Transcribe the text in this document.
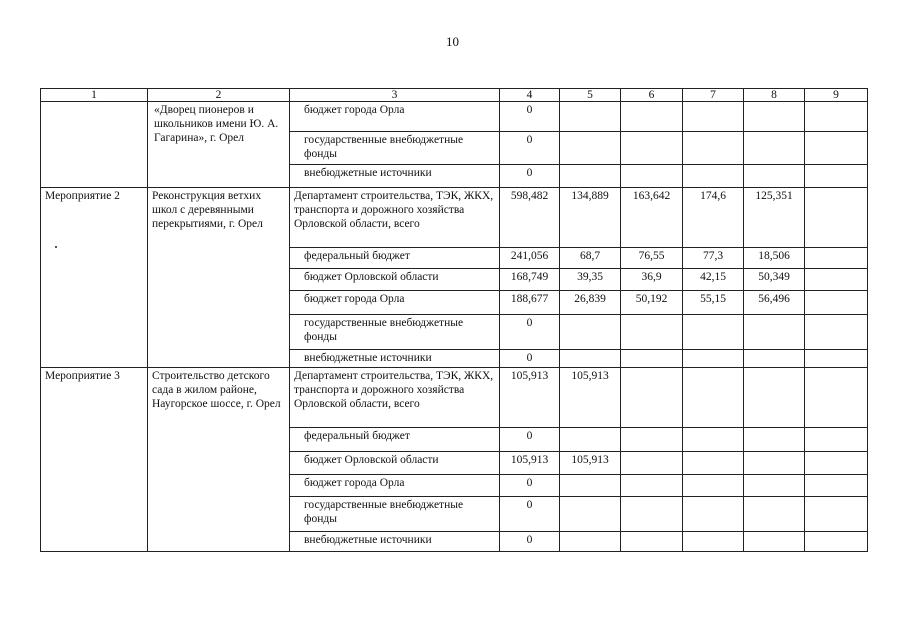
10
1	2	3	4	5	6	7	8	9
	«Дворец пионеров и школьников имени Ю. А. Гагарина», г. Орел	бюджет города Орла	0					
		государственные внебюджетные фонды	0					
		внебюджетные источники	0					
Мероприятие 2	Реконструкция ветхих школ с деревянными перекрытиями, г. Орел	Департамент строительства, ТЭК, ЖКХ, транспорта и дорожного хозяйства Орловской области, всего	598,482	134,889	163,642	174,6	125,351	
		федеральный бюджет	241,056	68,7	76,55	77,3	18,506	
		бюджет Орловской области	168,749	39,35	36,9	42,15	50,349	
		бюджет города Орла	188,677	26,839	50,192	55,15	56,496	
		государственные внебюджетные фонды	0					
		внебюджетные источники	0					
Мероприятие 3	Строительство детского сада в жилом районе, Наугорское шоссе, г. Орел	Департамент строительства, ТЭК, ЖКХ, транспорта и дорожного хозяйства Орловской области, всего	105,913	105,913				
		федеральный бюджет	0					
		бюджет Орловской области	105,913	105,913				
		бюджет города Орла	0					
		государственные внебюджетные фонды	0					
		внебюджетные источники	0					
